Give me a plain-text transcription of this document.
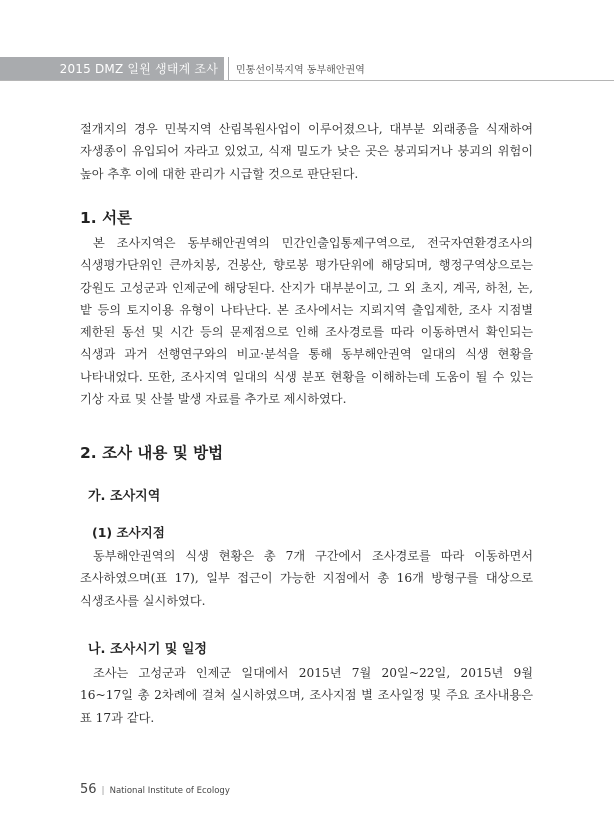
2015 DMZ 일원 생태계 조사 민통선이북지역 동부해안권역

절개지의 경우 민북지역 산림복원사업이 이루어졌으나, 대부분 외래종을 식재하여 자생종이 유입되어 자라고 있었고, 식재 밀도가 낮은 곳은 붕괴되거나 붕괴의 위험이 높아 추후 이에 대한 관리가 시급할 것으로 판단된다.

1. 서론

본 조사지역은 동부해안권역의 민간인출입통제구역으로, 전국자연환경조사의 식생평가단위인 큰까치봉, 건봉산, 향로봉 평가단위에 해당되며, 행정구역상으로는 강원도 고성군과 인제군에 해당된다. 산지가 대부분이고, 그 외 초지, 계곡, 하천, 논, 밭 등의 토지이용 유형이 나타난다. 본 조사에서는 지뢰지역 출입제한, 조사 지점별 제한된 동선 및 시간 등의 문제점으로 인해 조사경로를 따라 이동하면서 확인되는 식생과 과거 선행연구와의 비교·분석을 통해 동부해안권역 일대의 식생 현황을 나타내었다. 또한, 조사지역 일대의 식생 분포 현황을 이해하는데 도움이 될 수 있는 기상 자료 및 산불 발생 자료를 추가로 제시하였다.

2. 조사 내용 및 방법
가. 조사지역
(1) 조사지점

동부해안권역의 식생 현황은 총 7개 구간에서 조사경로를 따라 이동하면서 조사하였으며(표 17), 일부 접근이 가능한 지점에서 총 16개 방형구를 대상으로 식생조사를 실시하였다.

나. 조사시기 및 일정

조사는 고성군과 인제군 일대에서 2015년 7월 20일~22일, 2015년 9월 16~17일 총 2차례에 걸쳐 실시하였으며, 조사지점 별 조사일정 및 주요 조사내용은 표 17과 같다.

56 | National Institute of Ecology
